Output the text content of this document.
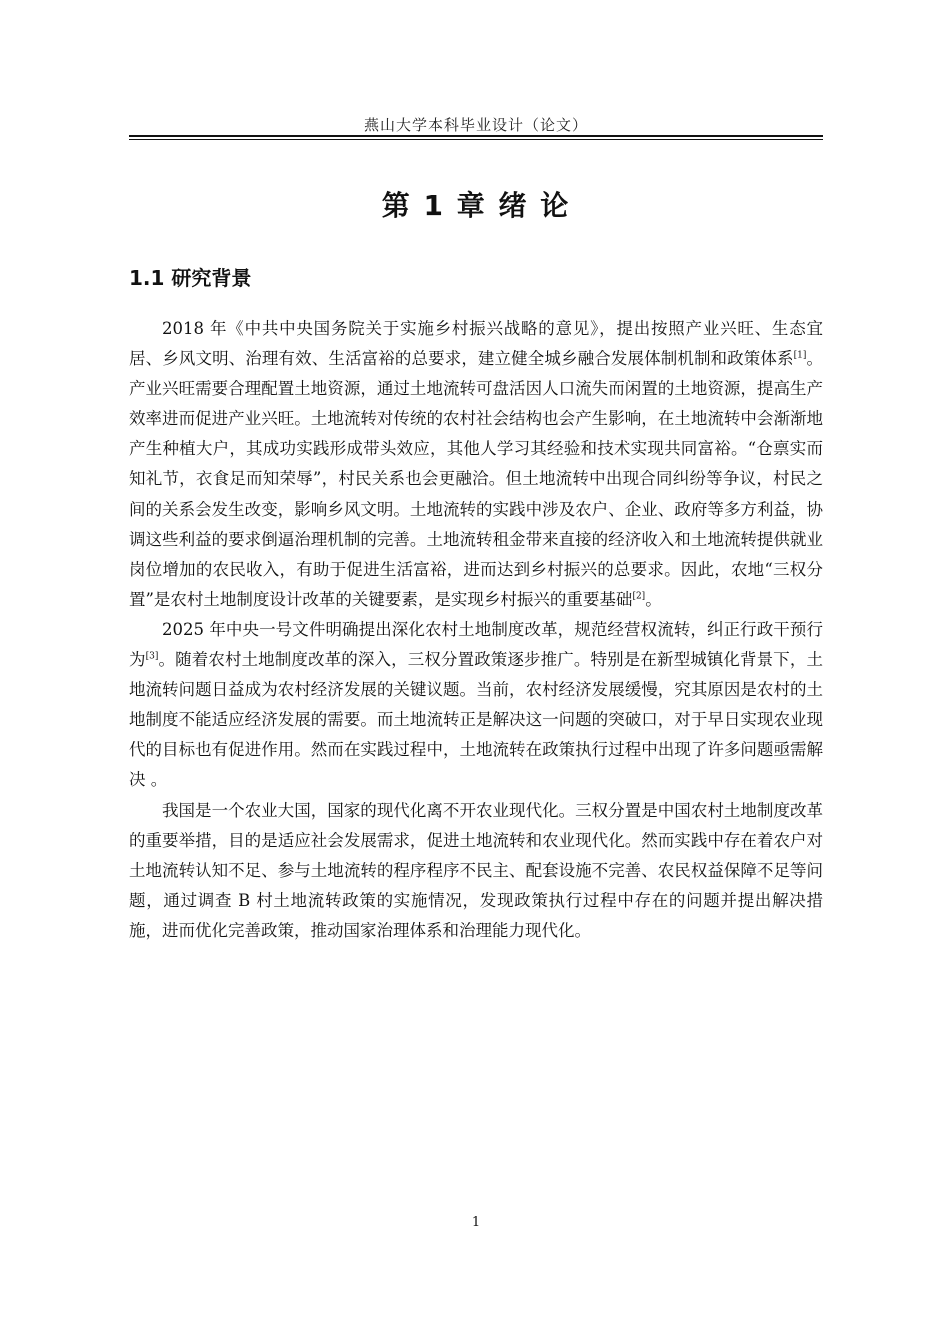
燕山大学本科毕业设计（论文）
第 1 章 绪 论
1.1 研究背景

2018 年《中共中央国务院关于实施乡村振兴战略的意见》，提出按照产业兴旺、生态宜居、乡风文明、治理有效、生活富裕的总要求，建立健全城乡融合发展体制机制和政策体系[1]。产业兴旺需要合理配置土地资源，通过土地流转可盘活因人口流失而闲置的土地资源，提高生产效率进而促进产业兴旺。土地流转对传统的农村社会结构也会产生影响，在土地流转中会渐渐地产生种植大户，其成功实践形成带头效应，其他人学习其经验和技术实现共同富裕。“仓禀实而知礼节，衣食足而知荣辱”，村民关系也会更融洽。但土地流转中出现合同纠纷等争议，村民之间的关系会发生改变，影响乡风文明。土地流转的实践中涉及农户、企业、政府等多方利益，协调这些利益的要求倒逼治理机制的完善。土地流转租金带来直接的经济收入和土地流转提供就业岗位增加的农民收入，有助于促进生活富裕，进而达到乡村振兴的总要求。因此，农地“三权分置”是农村土地制度设计改革的关键要素，是实现乡村振兴的重要基础[2]。

2025 年中央一号文件明确提出深化农村土地制度改革，规范经营权流转，纠正行政干预行为[3]。随着农村土地制度改革的深入，三权分置政策逐步推广。特别是在新型城镇化背景下，土地流转问题日益成为农村经济发展的关键议题。当前，农村经济发展缓慢，究其原因是农村的土地制度不能适应经济发展的需要。而土地流转正是解决这一问题的突破口，对于早日实现农业现代的目标也有促进作用。然而在实践过程中，土地流转在政策执行过程中出现了许多问题亟需解决 。

我国是一个农业大国，国家的现代化离不开农业现代化。三权分置是中国农村土地制度改革的重要举措，目的是适应社会发展需求，促进土地流转和农业现代化。然而实践中存在着农户对土地流转认知不足、参与土地流转的程序程序不民主、配套设施不完善、农民权益保障不足等问题，通过调查 B 村土地流转政策的实施情况，发现政策执行过程中存在的问题并提出解决措施，进而优化完善政策，推动国家治理体系和治理能力现代化。

1
